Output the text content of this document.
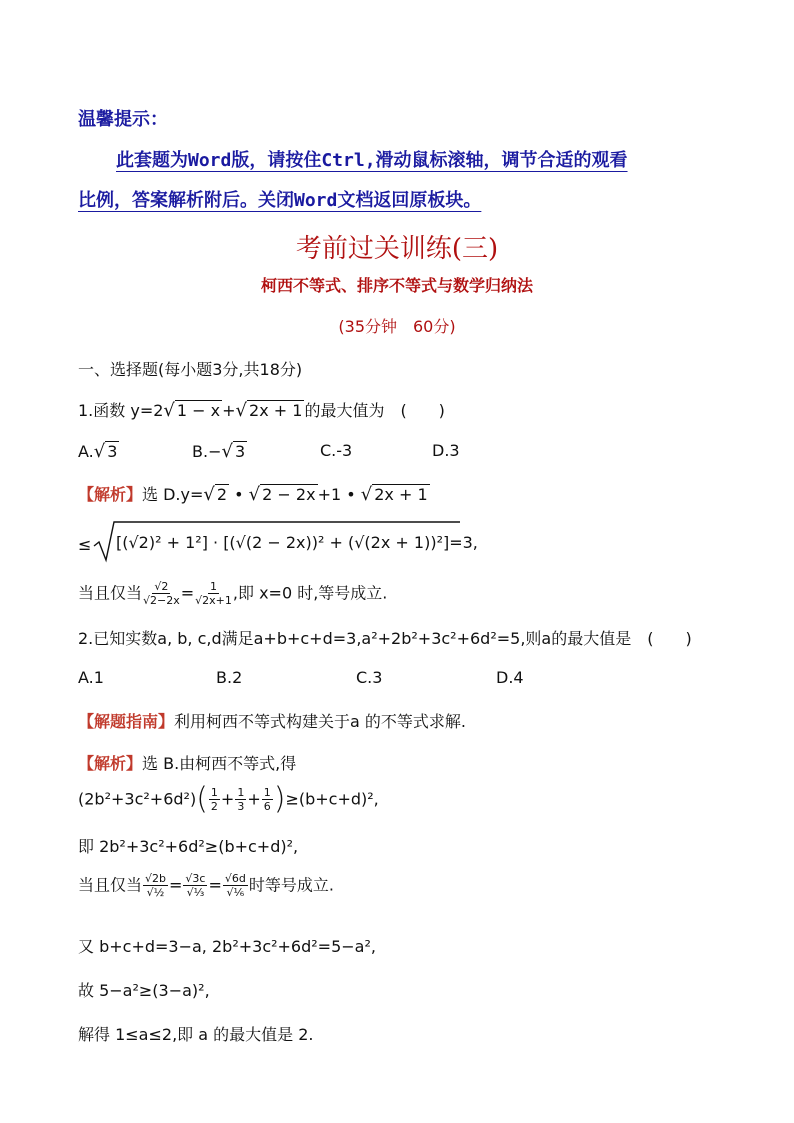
温馨提示：
此套题为Word版，请按住Ctrl,滑动鼠标滚轴，调节合适的观看
比例，答案解析附后。关闭Word文档返回原板块。
考前过关训练(三)
柯西不等式、排序不等式与数学归纳法
(35分钟　60分)
一、选择题(每小题3分,共18分)
1.函数 y=2√ 1 − x +√ 2x + 1 的最大值为　(　　)
A.√ 3	B.−√ 3	C.-3	D.3
【解析】选 D.y=√ 2 • √ 2 − 2x +1 • √ 2x + 1
≤ [(√2)² + 1²] · [(√(2 − 2x))² + (√(2x + 1))²]=3,
当且仅当 $\frac{√2}{√2-2x} = \frac{1}{√2x+1}$ ,即 x=0 时,等号成立.
2.已知实数a, b, c,d满足a+b+c+d=3,a²+2b²+3c²+6d²=5,则a的最大值是　(　　)
A.1	B.2	C.3	D.4
【解题指南】利用柯西不等式构建关于a 的不等式求解.
【解析】选 B.由柯西不等式,得
$(2b^2+3c^2+6d^2)( \frac{1}{2} + \frac{1}{3} + \frac{1}{6} )\ge(b+c+d)^2$,
即 2b²+3c²+6d²≥(b+c+d)²,
当且仅当 $\frac{√2b}{\text{√½}} = \frac{√3c}{\text{√⅓}} = \frac{√6d}{\text{√⅙}}$ 时等号成立.
又 b+c+d=3−a, 2b²+3c²+6d²=5−a²,
故 5−a²≥(3−a)²,
解得 1≤a≤2,即 a 的最大值是 2.
